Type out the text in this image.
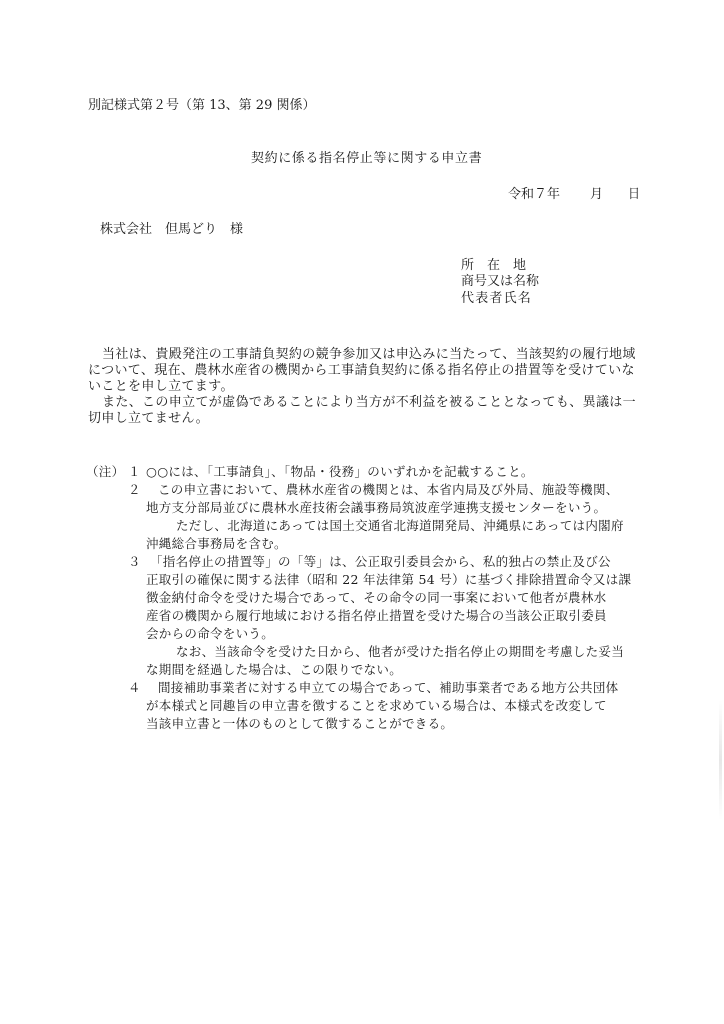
別記様式第２号（第 13、第 29 関係）
契約に係る指名停止等に関する申立書
令和７年 月 日
株式会社　但馬どり　様
所　在　地
商号又は名称
代表者氏名
当社は、貴殿発注の工事請負契約の競争参加又は申込みに当たって、当該契約の履行地域
について、現在、農林水産省の機関から工事請負契約に係る指名停止の措置等を受けていな
いことを申し立てます。
また、この申立てが虚偽であることにより当方が不利益を被ることとなっても、異議は一
切申し立てません。
（注） １ ○○には、「工事請負」、「物品・役務」のいずれかを記載すること。
２ この申立書において、農林水産省の機関とは、本省内局及び外局、施設等機関、
地方支分部局並びに農林水産技術会議事務局筑波産学連携支援センターをいう。
ただし、北海道にあっては国土交通省北海道開発局、沖縄県にあっては内閣府
沖縄総合事務局を含む。
３ 「指名停止の措置等」の「等」は、公正取引委員会から、私的独占の禁止及び公
正取引の確保に関する法律（昭和 22 年法律第 54 号）に基づく排除措置命令又は課
徴金納付命令を受けた場合であって、その命令の同一事案において他者が農林水
産省の機関から履行地域における指名停止措置を受けた場合の当該公正取引委員
会からの命令をいう。
なお、当該命令を受けた日から、他者が受けた指名停止の期間を考慮した妥当
な期間を経過した場合は、この限りでない。
４ 間接補助事業者に対する申立ての場合であって、補助事業者である地方公共団体
が本様式と同趣旨の申立書を徴することを求めている場合は、本様式を改変して
当該申立書と一体のものとして徴することができる。
